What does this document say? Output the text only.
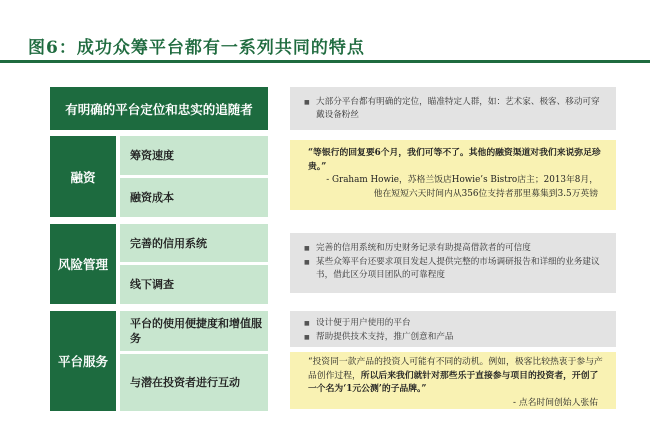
图6：成功众筹平台都有一系列共同的特点
有明确的平台定位和忠实的追随者
■	大部分平台都有明确的定位，瞄准特定人群，如：艺术家、极客、移动可穿戴设备粉丝
融资
筹资速度
融资成本
“等银行的回复要6个月，我们可等不了。其他的融资渠道对我们来说弥足珍贵。”
- Graham Howie，苏格兰饭店Howie’s Bistro店主；2013年8月，
他在短短六天时间内从356位支持者那里募集到3.5万英镑
风险管理
完善的信用系统
线下调查
■ 完善的信用系统和历史财务记录有助提高借款者的可信度
■ 某些众筹平台还要求项目发起人提供完整的市场调研报告和详细的业务建议书，借此区分项目团队的可靠程度
平台服务
平台的使用便捷度和增值服务
与潜在投资者进行互动
■ 设计便于用户使用的平台
■ 帮助提供技术支持，推广创意和产品
“投资同一款产品的投资人可能有不同的动机。例如，极客比较热衷于参与产品创作过程，所以后来我们就针对那些乐于直接参与项目的投资者，开创了一个名为‘1元公测’的子品牌。”
- 点名时间创始人张佑
